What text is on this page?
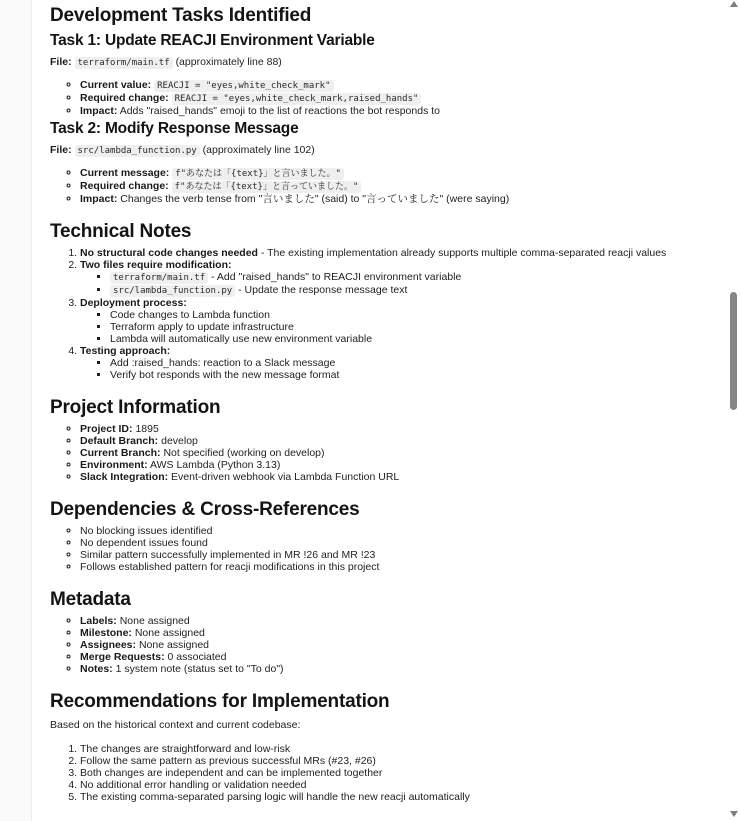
Development Tasks Identified
Task 1: Update REACJI Environment Variable

File: terraform/main.tf (approximately line 88)

◦ Current value: REACJI = "eyes,white_check_mark"
◦ Required change: REACJI = "eyes,white_check_mark,raised_hands"
◦ Impact: Adds "raised_hands" emoji to the list of reactions the bot responds to
Task 2: Modify Response Message

File: src/lambda_function.py (approximately line 102)

◦ Current message: f"あなたは「{text}」と言いました。"
◦ Required change: f"あなたは「{text}」と言っていました。"
◦ Impact: Changes the verb tense from "言いました" (said) to "言っていました" (were saying)
Technical Notes
1. No structural code changes needed - The existing implementation already supports multiple comma-separated reacji values
2. Two files require modification:
▪ terraform/main.tf - Add "raised_hands" to REACJI environment variable
▪ src/lambda_function.py - Update the response message text
3. Deployment process:
▪ Code changes to Lambda function
▪ Terraform apply to update infrastructure
▪ Lambda will automatically use new environment variable
4. Testing approach:
▪ Add :raised_hands: reaction to a Slack message
▪ Verify bot responds with the new message format
Project Information
◦ Project ID: 1895
◦ Default Branch: develop
◦ Current Branch: Not specified (working on develop)
◦ Environment: AWS Lambda (Python 3.13)
◦ Slack Integration: Event-driven webhook via Lambda Function URL
Dependencies & Cross-References
◦ No blocking issues identified
◦ No dependent issues found
◦ Similar pattern successfully implemented in MR !26 and MR !23
◦ Follows established pattern for reacji modifications in this project
Metadata
◦ Labels: None assigned
◦ Milestone: None assigned
◦ Assignees: None assigned
◦ Merge Requests: 0 associated
◦ Notes: 1 system note (status set to "To do")
Recommendations for Implementation

Based on the historical context and current codebase:

1. The changes are straightforward and low-risk
2. Follow the same pattern as previous successful MRs (#23, #26)
3. Both changes are independent and can be implemented together
4. No additional error handling or validation needed
5. The existing comma-separated parsing logic will handle the new reacji automatically
